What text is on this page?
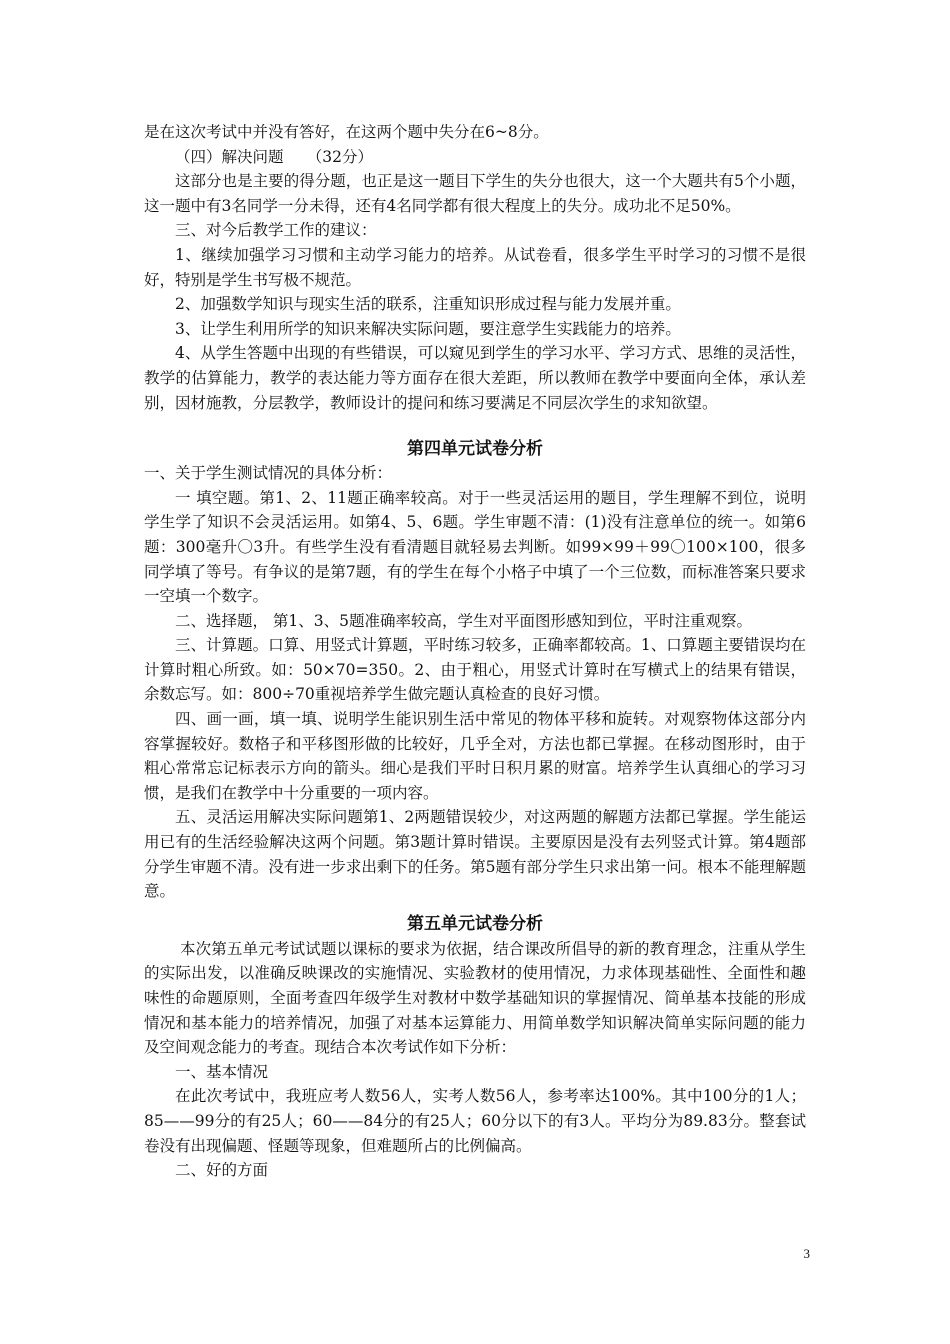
是在这次考试中并没有答好，在这两个题中失分在6~8分。

（四）解决问题　　（32分）

这部分也是主要的得分题，也正是这一题目下学生的失分也很大，这一个大题共有5个小题，这一题中有3名同学一分未得，还有4名同学都有很大程度上的失分。成功北不足50%。

三、对今后教学工作的建议：

1、继续加强学习习惯和主动学习能力的培养。从试卷看，很多学生平时学习的习惯不是很好，特别是学生书写极不规范。

2、加强数学知识与现实生活的联系，注重知识形成过程与能力发展并重。

3、让学生利用所学的知识来解决实际问题，要注意学生实践能力的培养。

4、从学生答题中出现的有些错误，可以窥见到学生的学习水平、学习方式、思维的灵活性，教学的估算能力，教学的表达能力等方面存在很大差距，所以教师在教学中要面向全体，承认差别，因材施教，分层教学，教师设计的提问和练习要满足不同层次学生的求知欲望。

第四单元试卷分析

一、关于学生测试情况的具体分析：

一 填空题。第1、2、11题正确率较高。对于一些灵活运用的题目，学生理解不到位，说明学生学了知识不会灵活运用。如第4、5、6题。学生审题不清：(1)没有注意单位的统一。如第6题：300毫升〇3升。有些学生没有看清题目就轻易去判断。如99×99＋99〇100×100，很多同学填了等号。有争议的是第7题，有的学生在每个小格子中填了一个三位数，而标准答案只要求一空填一个数字。

二、选择题， 第1、3、5题准确率较高，学生对平面图形感知到位，平时注重观察。

三、计算题。口算、用竖式计算题，平时练习较多，正确率都较高。1、口算题主要错误均在计算时粗心所致。如：50×70=350。2、由于粗心，用竖式计算时在写横式上的结果有错误，余数忘写。如：800÷70重视培养学生做完题认真检查的良好习惯。

四、画一画，填一填、说明学生能识别生活中常见的物体平移和旋转。对观察物体这部分内容掌握较好。数格子和平移图形做的比较好，几乎全对，方法也都已掌握。在移动图形时，由于粗心常常忘记标表示方向的箭头。细心是我们平时日积月累的财富。培养学生认真细心的学习习惯，是我们在教学中十分重要的一项内容。

五、灵活运用解决实际问题第1、2两题错误较少，对这两题的解题方法都已掌握。学生能运用已有的生活经验解决这两个问题。第3题计算时错误。主要原因是没有去列竖式计算。第4题部分学生审题不清。没有进一步求出剩下的任务。第5题有部分学生只求出第一问。根本不能理解题意。

第五单元试卷分析

本次第五单元考试试题以课标的要求为依据，结合课改所倡导的新的教育理念，注重从学生的实际出发，以准确反映课改的实施情况、实验教材的使用情况，力求体现基础性、全面性和趣味性的命题原则，全面考查四年级学生对教材中数学基础知识的掌握情况、简单基本技能的形成情况和基本能力的培养情况，加强了对基本运算能力、用简单数学知识解决简单实际问题的能力及空间观念能力的考查。现结合本次考试作如下分析：

一、基本情况

在此次考试中，我班应考人数56人，实考人数56人，参考率达100%。其中100分的1人；85——99分的有25人；60——84分的有25人；60分以下的有3人。平均分为89.83分。整套试卷没有出现偏题、怪题等现象，但难题所占的比例偏高。

二、好的方面

3
